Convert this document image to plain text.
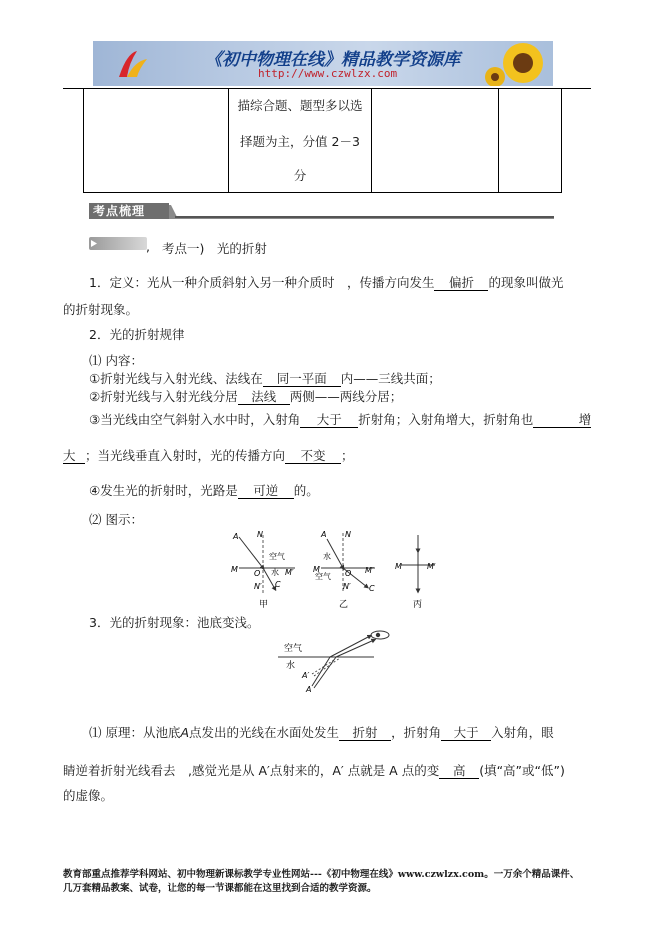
《初中物理在线》精品教学资源库
http://www.czwlzx.com
描综合题、题型多以选
择题为主，分值 2－3
分
考点梳理
, 考点一)　光的折射
1．定义：光从一种介质斜射入另一种介质时　，传播方向发生 偏折 的现象叫做光
的折射现象。
2．光的折射规律
⑴ 内容：
①折射光线与入射光线、法线在 同一平面 内——三线共面；
②折射光线与入射光线分居 法线 两侧——两线分居；
③当光线由空气斜射入水中时，入射角 大于 折射角；入射角增大，折射角也	增
大 ；当光线垂直入射时，光的传播方向 不变 ；
④发生光的折射时，光路是 可逆 的。
⑵ 图示：
A N
空气
水
M O	M′
N′ C
甲
A N
水
空气
M	O M′
N′ C
乙
M	M′
丙
3．光的折射现象：池底变浅。
空气
水
A′
A
⑴ 原理：从池底A点发出的光线在水面处发生 折射 ，折射角 大于 入射角，眼
睛逆着折射光线看去　,感觉光是从 A′点射来的，A′ 点就是 A 点的变 高 (填“高”或“低”)
的虚像。
教育部重点推荐学科网站、初中物理新课标教学专业性网站---《初中物理在线》www.czwlzx.com。一万余个精品课件、
几万套精品教案、试卷，让您的每一节课都能在这里找到合适的教学资源。
